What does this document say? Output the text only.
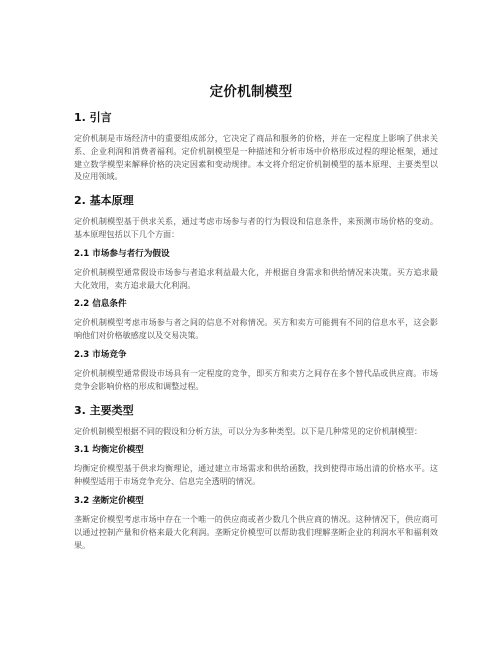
定价机制模型
1. 引言

定价机制是市场经济中的重要组成部分，它决定了商品和服务的价格，并在一定程度上影响了供求关系、企业利润和消费者福利。定价机制模型是一种描述和分析市场中价格形成过程的理论框架，通过建立数学模型来解释价格的决定因素和变动规律。本文将介绍定价机制模型的基本原理、主要类型以及应用领域。

2. 基本原理

定价机制模型基于供求关系，通过考虑市场参与者的行为假设和信息条件，来预测市场价格的变动。基本原理包括以下几个方面：

2.1 市场参与者行为假设

定价机制模型通常假设市场参与者追求利益最大化，并根据自身需求和供给情况来决策。买方追求最大化效用，卖方追求最大化利润。

2.2 信息条件

定价机制模型考虑市场参与者之间的信息不对称情况。买方和卖方可能拥有不同的信息水平，这会影响他们对价格敏感度以及交易决策。

2.3 市场竞争

定价机制模型通常假设市场具有一定程度的竞争，即买方和卖方之间存在多个替代品或供应商。市场竞争会影响价格的形成和调整过程。

3. 主要类型

定价机制模型根据不同的假设和分析方法，可以分为多种类型。以下是几种常见的定价机制模型：

3.1 均衡定价模型

均衡定价模型基于供求均衡理论，通过建立市场需求和供给函数，找到使得市场出清的价格水平。这种模型适用于市场竞争充分、信息完全透明的情况。

3.2 垄断定价模型

垄断定价模型考虑市场中存在一个唯一的供应商或者少数几个供应商的情况。这种情况下，供应商可以通过控制产量和价格来最大化利润。垄断定价模型可以帮助我们理解垄断企业的利润水平和福利效果。
